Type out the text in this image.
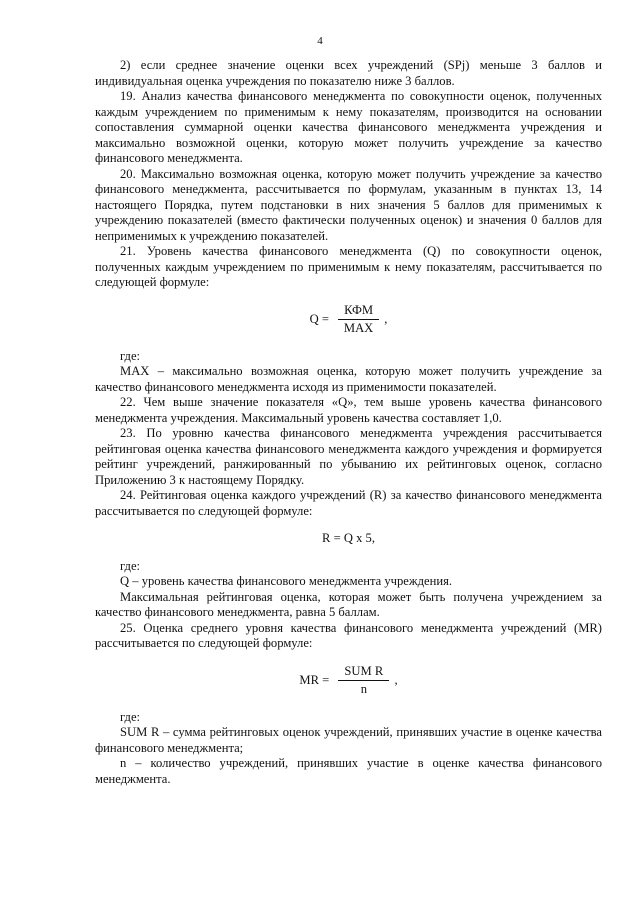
4

2) если среднее значение оценки всех учреждений (SPj) меньше 3 баллов и индивидуальная оценка учреждения по показателю ниже 3 баллов.

19. Анализ качества финансового менеджмента по совокупности оценок, полученных каждым учреждением по применимым к нему показателям, производится на основании сопоставления суммарной оценки качества финансового менеджмента учреждения и максимально возможной оценки, которую может получить учреждение за качество финансового менеджмента.

20. Максимально возможная оценка, которую может получить учреждение за качество финансового менеджмента, рассчитывается по формулам, указанным в пунктах 13, 14 настоящего Порядка, путем подстановки в них значения 5 баллов для применимых к учреждению показателей (вместо фактически полученных оценок) и значения 0 баллов для неприменимых к учреждению показателей.

21. Уровень качества финансового менеджмента (Q) по совокупности оценок, полученных каждым учреждением по применимым к нему показателям, рассчитывается по следующей формуле:

$Q = \frac{\text{КФМ}}{\text{MAX}}$ ,

где:

MAX – максимально возможная оценка, которую может получить учреждение за качество финансового менеджмента исходя из применимости показателей.

22. Чем выше значение показателя «Q», тем выше уровень качества финансового менеджмента учреждения. Максимальный уровень качества составляет 1,0.

23. По уровню качества финансового менеджмента учреждения рассчитывается рейтинговая оценка качества финансового менеджмента каждого учреждения и формируется рейтинг учреждений, ранжированный по убыванию их рейтинговых оценок, согласно Приложению 3 к настоящему Порядку.

24. Рейтинговая оценка каждого учреждений (R) за качество финансового менеджмента рассчитывается по следующей формуле:

R = Q x 5,

где:

Q – уровень качества финансового менеджмента учреждения.

Максимальная рейтинговая оценка, которая может быть получена учреждением за качество финансового менеджмента, равна 5 баллам.

25. Оценка среднего уровня качества финансового менеджмента учреждений (MR) рассчитывается по следующей формуле:

MR = $\frac{\text{SUM R}}{n}$ ,

где:

SUM R – сумма рейтинговых оценок учреждений, принявших участие в оценке качества финансового менеджмента;

n – количество учреждений, принявших участие в оценке качества финансового менеджмента.
